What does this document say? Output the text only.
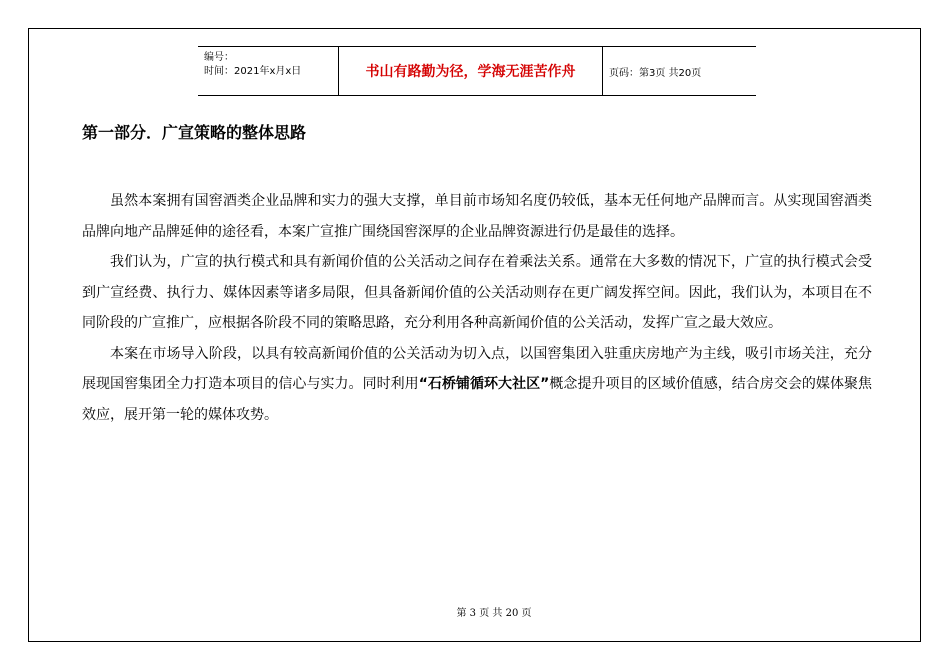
编号：
时间：2021年x月x日	书山有路勤为径，学海无涯苦作舟	页码：第3页 共20页
第一部分．广宣策略的整体思路

虽然本案拥有国窖酒类企业品牌和实力的强大支撑，单目前市场知名度仍较低，基本无任何地产品牌而言。从实现国窖酒类品牌向地产品牌延伸的途径看，本案广宣推广围绕国窖深厚的企业品牌资源进行仍是最佳的选择。

我们认为，广宣的执行模式和具有新闻价值的公关活动之间存在着乘法关系。通常在大多数的情况下，广宣的执行模式会受到广宣经费、执行力、媒体因素等诸多局限，但具备新闻价值的公关活动则存在更广阔发挥空间。因此，我们认为，本项目在不同阶段的广宣推广，应根据各阶段不同的策略思路，充分利用各种高新闻价值的公关活动，发挥广宣之最大效应。

本案在市场导入阶段，以具有较高新闻价值的公关活动为切入点，以国窖集团入驻重庆房地产为主线，吸引市场关注，充分展现国窖集团全力打造本项目的信心与实力。同时利用“石桥铺循环大社区”概念提升项目的区域价值感，结合房交会的媒体聚焦效应，展开第一轮的媒体攻势。

第 3 页 共 20 页
